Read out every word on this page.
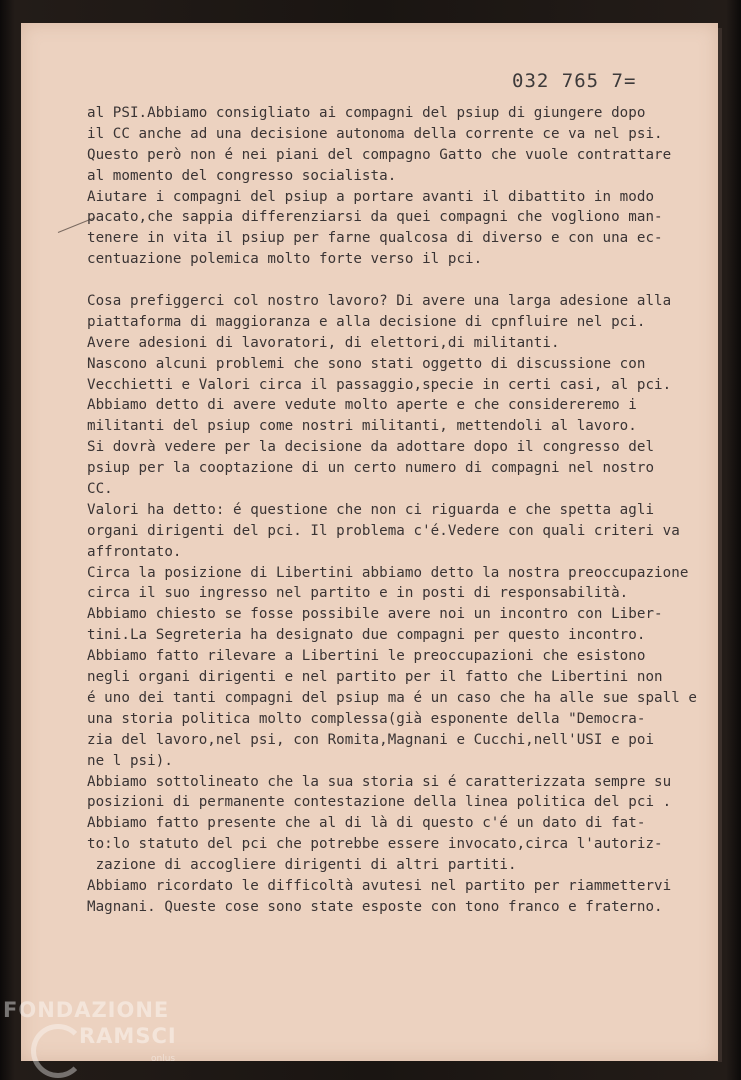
032 765 7=
al PSI.Abbiamo consigliato ai compagni del psiup di giungere dopo
il CC anche ad una decisione autonoma della corrente ce va nel psi.
Questo però non é nei piani del compagno Gatto che vuole contrattare
al momento del congresso socialista.
Aiutare i compagni del psiup a portare avanti il dibattito in modo
pacato,che sappia differenziarsi da quei compagni che vogliono man-
tenere in vita il psiup per farne qualcosa di diverso e con una ec-
centuazione polemica molto forte verso il pci.
Cosa prefiggerci col nostro lavoro? Di avere una larga adesione alla
piattaforma di maggioranza e alla decisione di cpnfluire nel pci.
Avere adesioni di lavoratori, di elettori,di militanti.
Nascono alcuni problemi che sono stati oggetto di discussione con
Vecchietti e Valori circa il passaggio,specie in certi casi, al pci.
Abbiamo detto di avere vedute molto aperte e che considereremo i
militanti del psiup come nostri militanti, mettendoli al lavoro.
Si dovrà vedere per la decisione da adottare dopo il congresso del
psiup per la cooptazione di un certo numero di compagni nel nostro
CC.
Valori ha detto: é questione che non ci riguarda e che spetta agli
organi dirigenti del pci. Il problema c'é.Vedere con quali criteri va
affrontato.
Circa la posizione di Libertini abbiamo detto la nostra preoccupazione
circa il suo ingresso nel partito e in posti di responsabilità.
Abbiamo chiesto se fosse possibile avere noi un incontro con Liber-
tini.La Segreteria ha designato due compagni per questo incontro.
Abbiamo fatto rilevare a Libertini le preoccupazioni che esistono
negli organi dirigenti e nel partito per il fatto che Libertini non
é uno dei tanti compagni del psiup ma é un caso che ha alle sue spall e
una storia politica molto complessa(già esponente della "Democra-
zia del lavoro,nel psi, con Romita,Magnani e Cucchi,nell'USI e poi
ne l psi).
Abbiamo sottolineato che la sua storia si é caratterizzata sempre su
posizioni di permanente contestazione della linea politica del pci .
Abbiamo fatto presente che al di là di questo c'é un dato di fat-
to:lo statuto del pci che potrebbe essere invocato,circa l'autoriz-
zazione di accogliere dirigenti di altri partiti.
Abbiamo ricordato le difficoltà avutesi nel partito per riammettervi
Magnani. Queste cose sono state esposte con tono franco e fraterno.
FONDAZIONE
RAMSCI
onlus
